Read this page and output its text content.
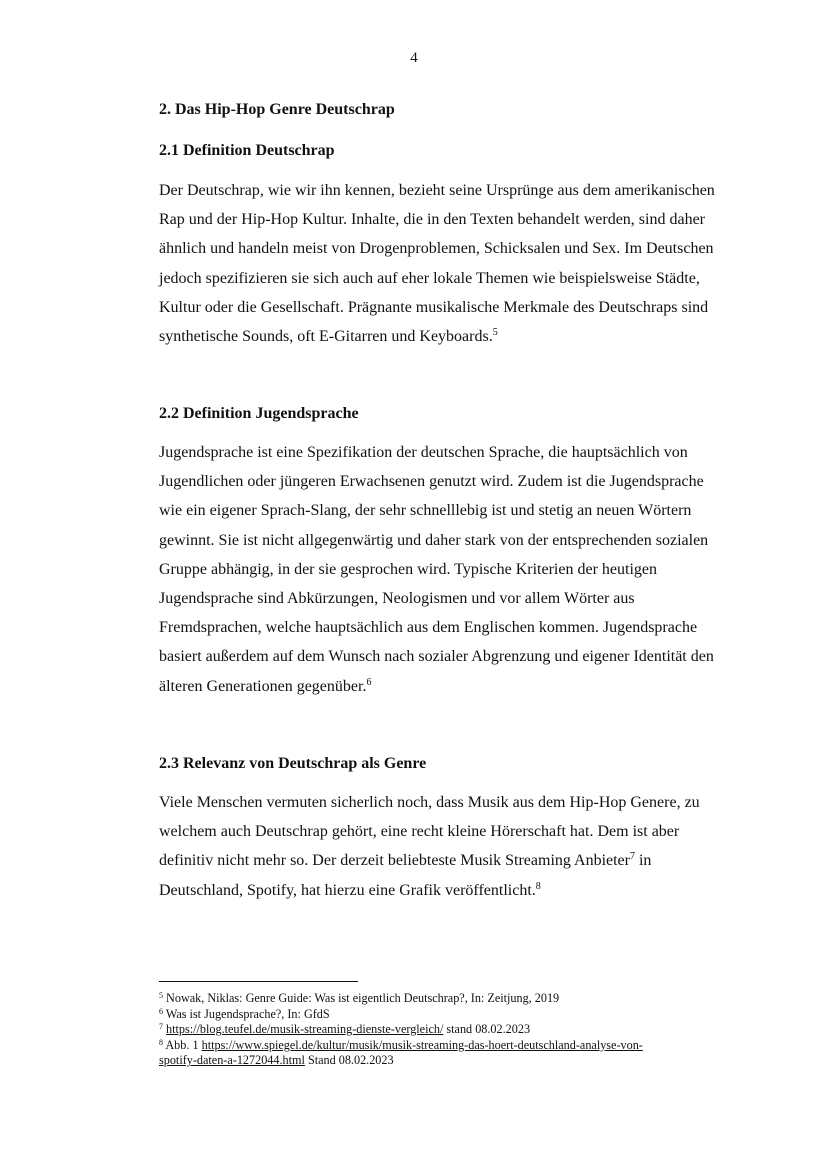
4
2. Das Hip-Hop Genre Deutschrap
2.1 Definition Deutschrap

Der Deutschrap, wie wir ihn kennen, bezieht seine Ursprünge aus dem amerikanischen
Rap und der Hip-Hop Kultur. Inhalte, die in den Texten behandelt werden, sind daher
ähnlich und handeln meist von Drogenproblemen, Schicksalen und Sex. Im Deutschen
jedoch spezifizieren sie sich auch auf eher lokale Themen wie beispielsweise Städte,
Kultur oder die Gesellschaft. Prägnante musikalische Merkmale des Deutschraps sind
synthetische Sounds, oft E-Gitarren und Keyboards.$^5$

2.2 Definition Jugendsprache

Jugendsprache ist eine Spezifikation der deutschen Sprache, die hauptsächlich von
Jugendlichen oder jüngeren Erwachsenen genutzt wird. Zudem ist die Jugendsprache
wie ein eigener Sprach-Slang, der sehr schnelllebig ist und stetig an neuen Wörtern
gewinnt. Sie ist nicht allgegenwärtig und daher stark von der entsprechenden sozialen
Gruppe abhängig, in der sie gesprochen wird. Typische Kriterien der heutigen
Jugendsprache sind Abkürzungen, Neologismen und vor allem Wörter aus
Fremdsprachen, welche hauptsächlich aus dem Englischen kommen. Jugendsprache
basiert außerdem auf dem Wunsch nach sozialer Abgrenzung und eigener Identität den
älteren Generationen gegenüber.$^6$

2.3 Relevanz von Deutschrap als Genre

Viele Menschen vermuten sicherlich noch, dass Musik aus dem Hip-Hop Genere, zu
welchem auch Deutschrap gehört, eine recht kleine Hörerschaft hat. Dem ist aber
definitiv nicht mehr so. Der derzeit beliebteste Musik Streaming Anbieter$^7$ in
Deutschland, Spotify, hat hierzu eine Grafik veröffentlicht.$^8$

$^5$ Nowak, Niklas: Genre Guide: Was ist eigentlich Deutschrap?, In: Zeitjung, 2019
$^6$ Was ist Jugendsprache?, In: GfdS
$^7$ https://blog.teufel.de/musik-streaming-dienste-vergleich/ stand 08.02.2023
$^8$ Abb. 1 https://www.spiegel.de/kultur/musik/musik-streaming-das-hoert-deutschland-analyse-von-
spotify-daten-a-1272044.html Stand 08.02.2023
